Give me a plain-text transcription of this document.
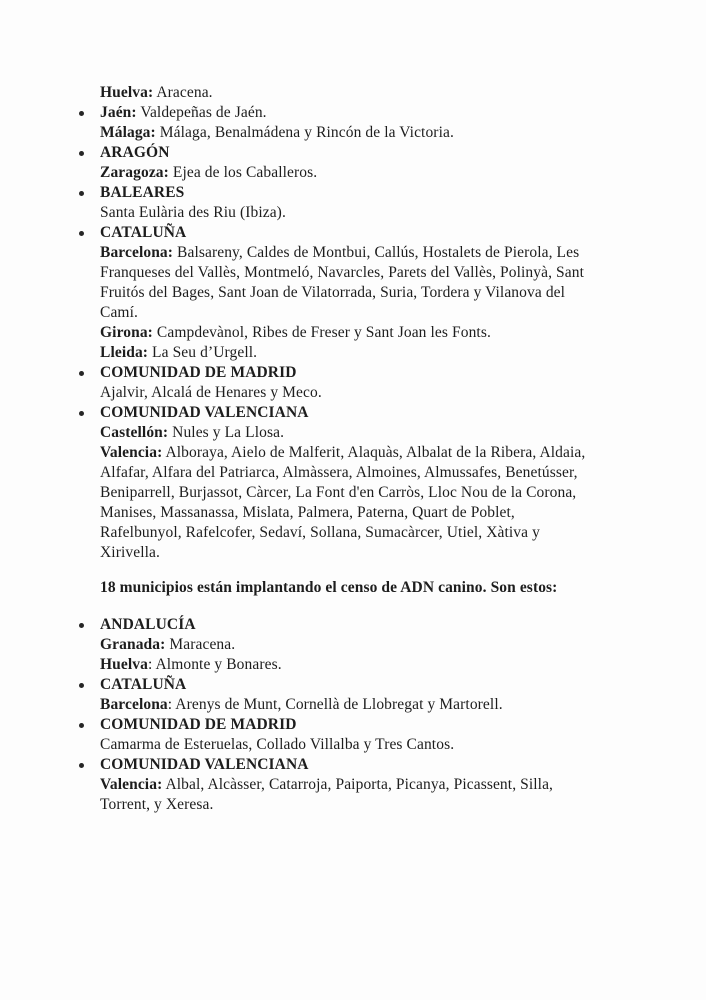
Huelva: Aracena.

Jaén: Valdepeñas de Jaén.

Málaga: Málaga, Benalmádena y Rincón de la Victoria.

ARAGÓN

Zaragoza: Ejea de los Caballeros.

BALEARES

Santa Eulària des Riu (Ibiza).

CATALUÑA

Barcelona: Balsareny, Caldes de Montbui, Callús, Hostalets de Pierola, Les Franqueses del Vallès, Montmeló, Navarcles, Parets del Vallès, Polinyà, Sant Fruitós del Bages, Sant Joan de Vilatorrada, Suria, Tordera y Vilanova del Camí.

Girona: Campdevànol, Ribes de Freser y Sant Joan les Fonts.

Lleida: La Seu d’Urgell.

COMUNIDAD DE MADRID

Ajalvir, Alcalá de Henares y Meco.

COMUNIDAD VALENCIANA

Castellón: Nules y La Llosa.

Valencia: Alboraya, Aielo de Malferit, Alaquàs, Albalat de la Ribera, Aldaia, Alfafar, Alfara del Patriarca, Almàssera, Almoines, Almussafes, Benetússer, Beniparrell, Burjassot, Càrcer, La Font d'en Carròs, Lloc Nou de la Corona, Manises, Massanassa, Mislata, Palmera, Paterna, Quart de Poblet, Rafelbunyol, Rafelcofer, Sedaví, Sollana, Sumacàrcer, Utiel, Xàtiva y Xirivella.

18 municipios están implantando el censo de ADN canino. Son estos:

ANDALUCÍA

Granada: Maracena.

Huelva: Almonte y Bonares.

CATALUÑA

Barcelona: Arenys de Munt, Cornellà de Llobregat y Martorell.

COMUNIDAD DE MADRID

Camarma de Esteruelas, Collado Villalba y Tres Cantos.

COMUNIDAD VALENCIANA

Valencia: Albal, Alcàsser, Catarroja, Paiporta, Picanya, Picassent, Silla, Torrent, y Xeresa.
